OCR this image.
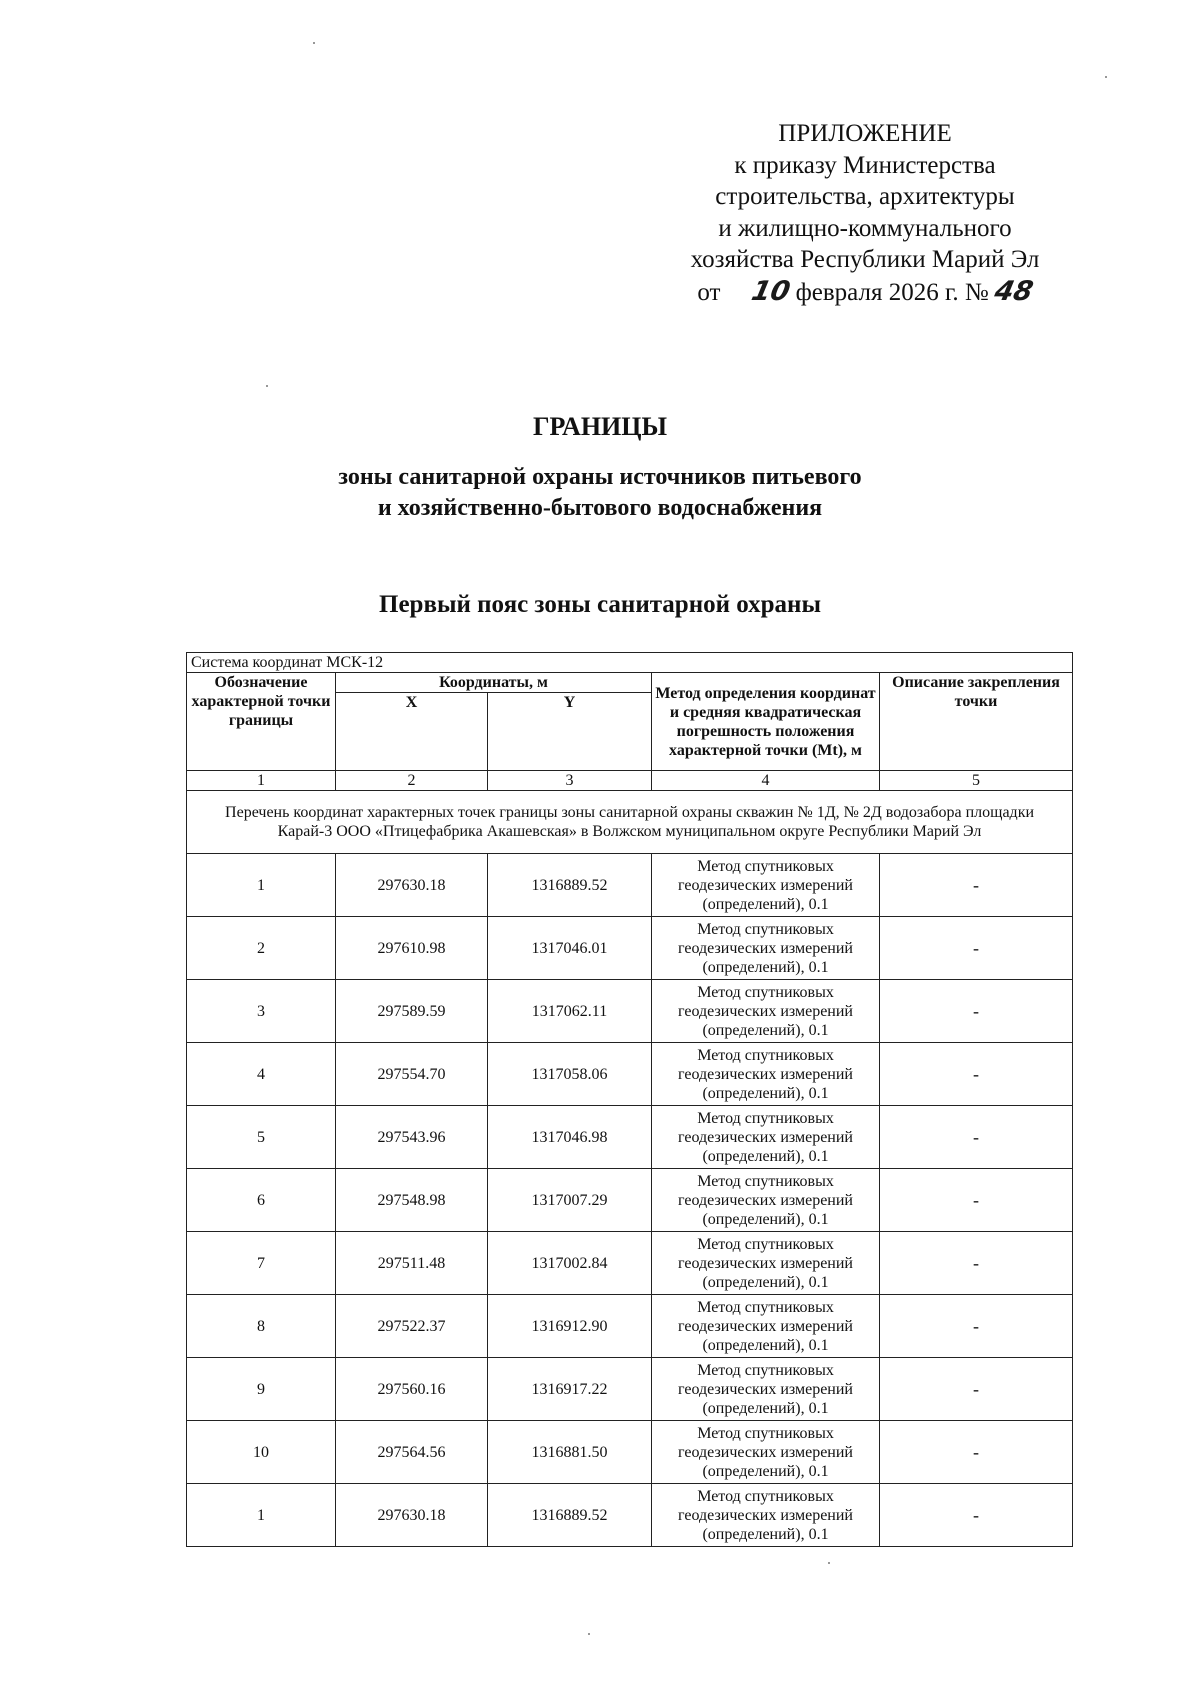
ПРИЛОЖЕНИЕ
к приказу Министерства
строительства, архитектуры
и жилищно-коммунального
хозяйства Республики Марий Эл
от 10 февраля 2026 г. № 48
ГРАНИЦЫ
зоны санитарной охраны источников питьевого
и хозяйственно-бытового водоснабжения
Первый пояс зоны санитарной охраны
Система координат МСК-12				
Обозначение характерной точки границы	Координаты, м		Метод определения координат и средняя квадратическая погрешность положения характерной точки (Mt), м	Описание закрепления точки
	X	Y		
1	2	3	4	5
Перечень координат характерных точек границы зоны санитарной охраны скважин № 1Д, № 2Д водозабора площадки Карай-3 ООО «Птицефабрика Акашевская» в Волжском муниципальном округе Республики Марий Эл				
1	297630.18	1316889.52	Метод спутниковых геодезических измерений (определений), 0.1	-
2	297610.98	1317046.01	Метод спутниковых геодезических измерений (определений), 0.1	-
3	297589.59	1317062.11	Метод спутниковых геодезических измерений (определений), 0.1	-
4	297554.70	1317058.06	Метод спутниковых геодезических измерений (определений), 0.1	-
5	297543.96	1317046.98	Метод спутниковых геодезических измерений (определений), 0.1	-
6	297548.98	1317007.29	Метод спутниковых геодезических измерений (определений), 0.1	-
7	297511.48	1317002.84	Метод спутниковых геодезических измерений (определений), 0.1	-
8	297522.37	1316912.90	Метод спутниковых геодезических измерений (определений), 0.1	-
9	297560.16	1316917.22	Метод спутниковых геодезических измерений (определений), 0.1	-
10	297564.56	1316881.50	Метод спутниковых геодезических измерений (определений), 0.1	-
1	297630.18	1316889.52	Метод спутниковых геодезических измерений (определений), 0.1	-
